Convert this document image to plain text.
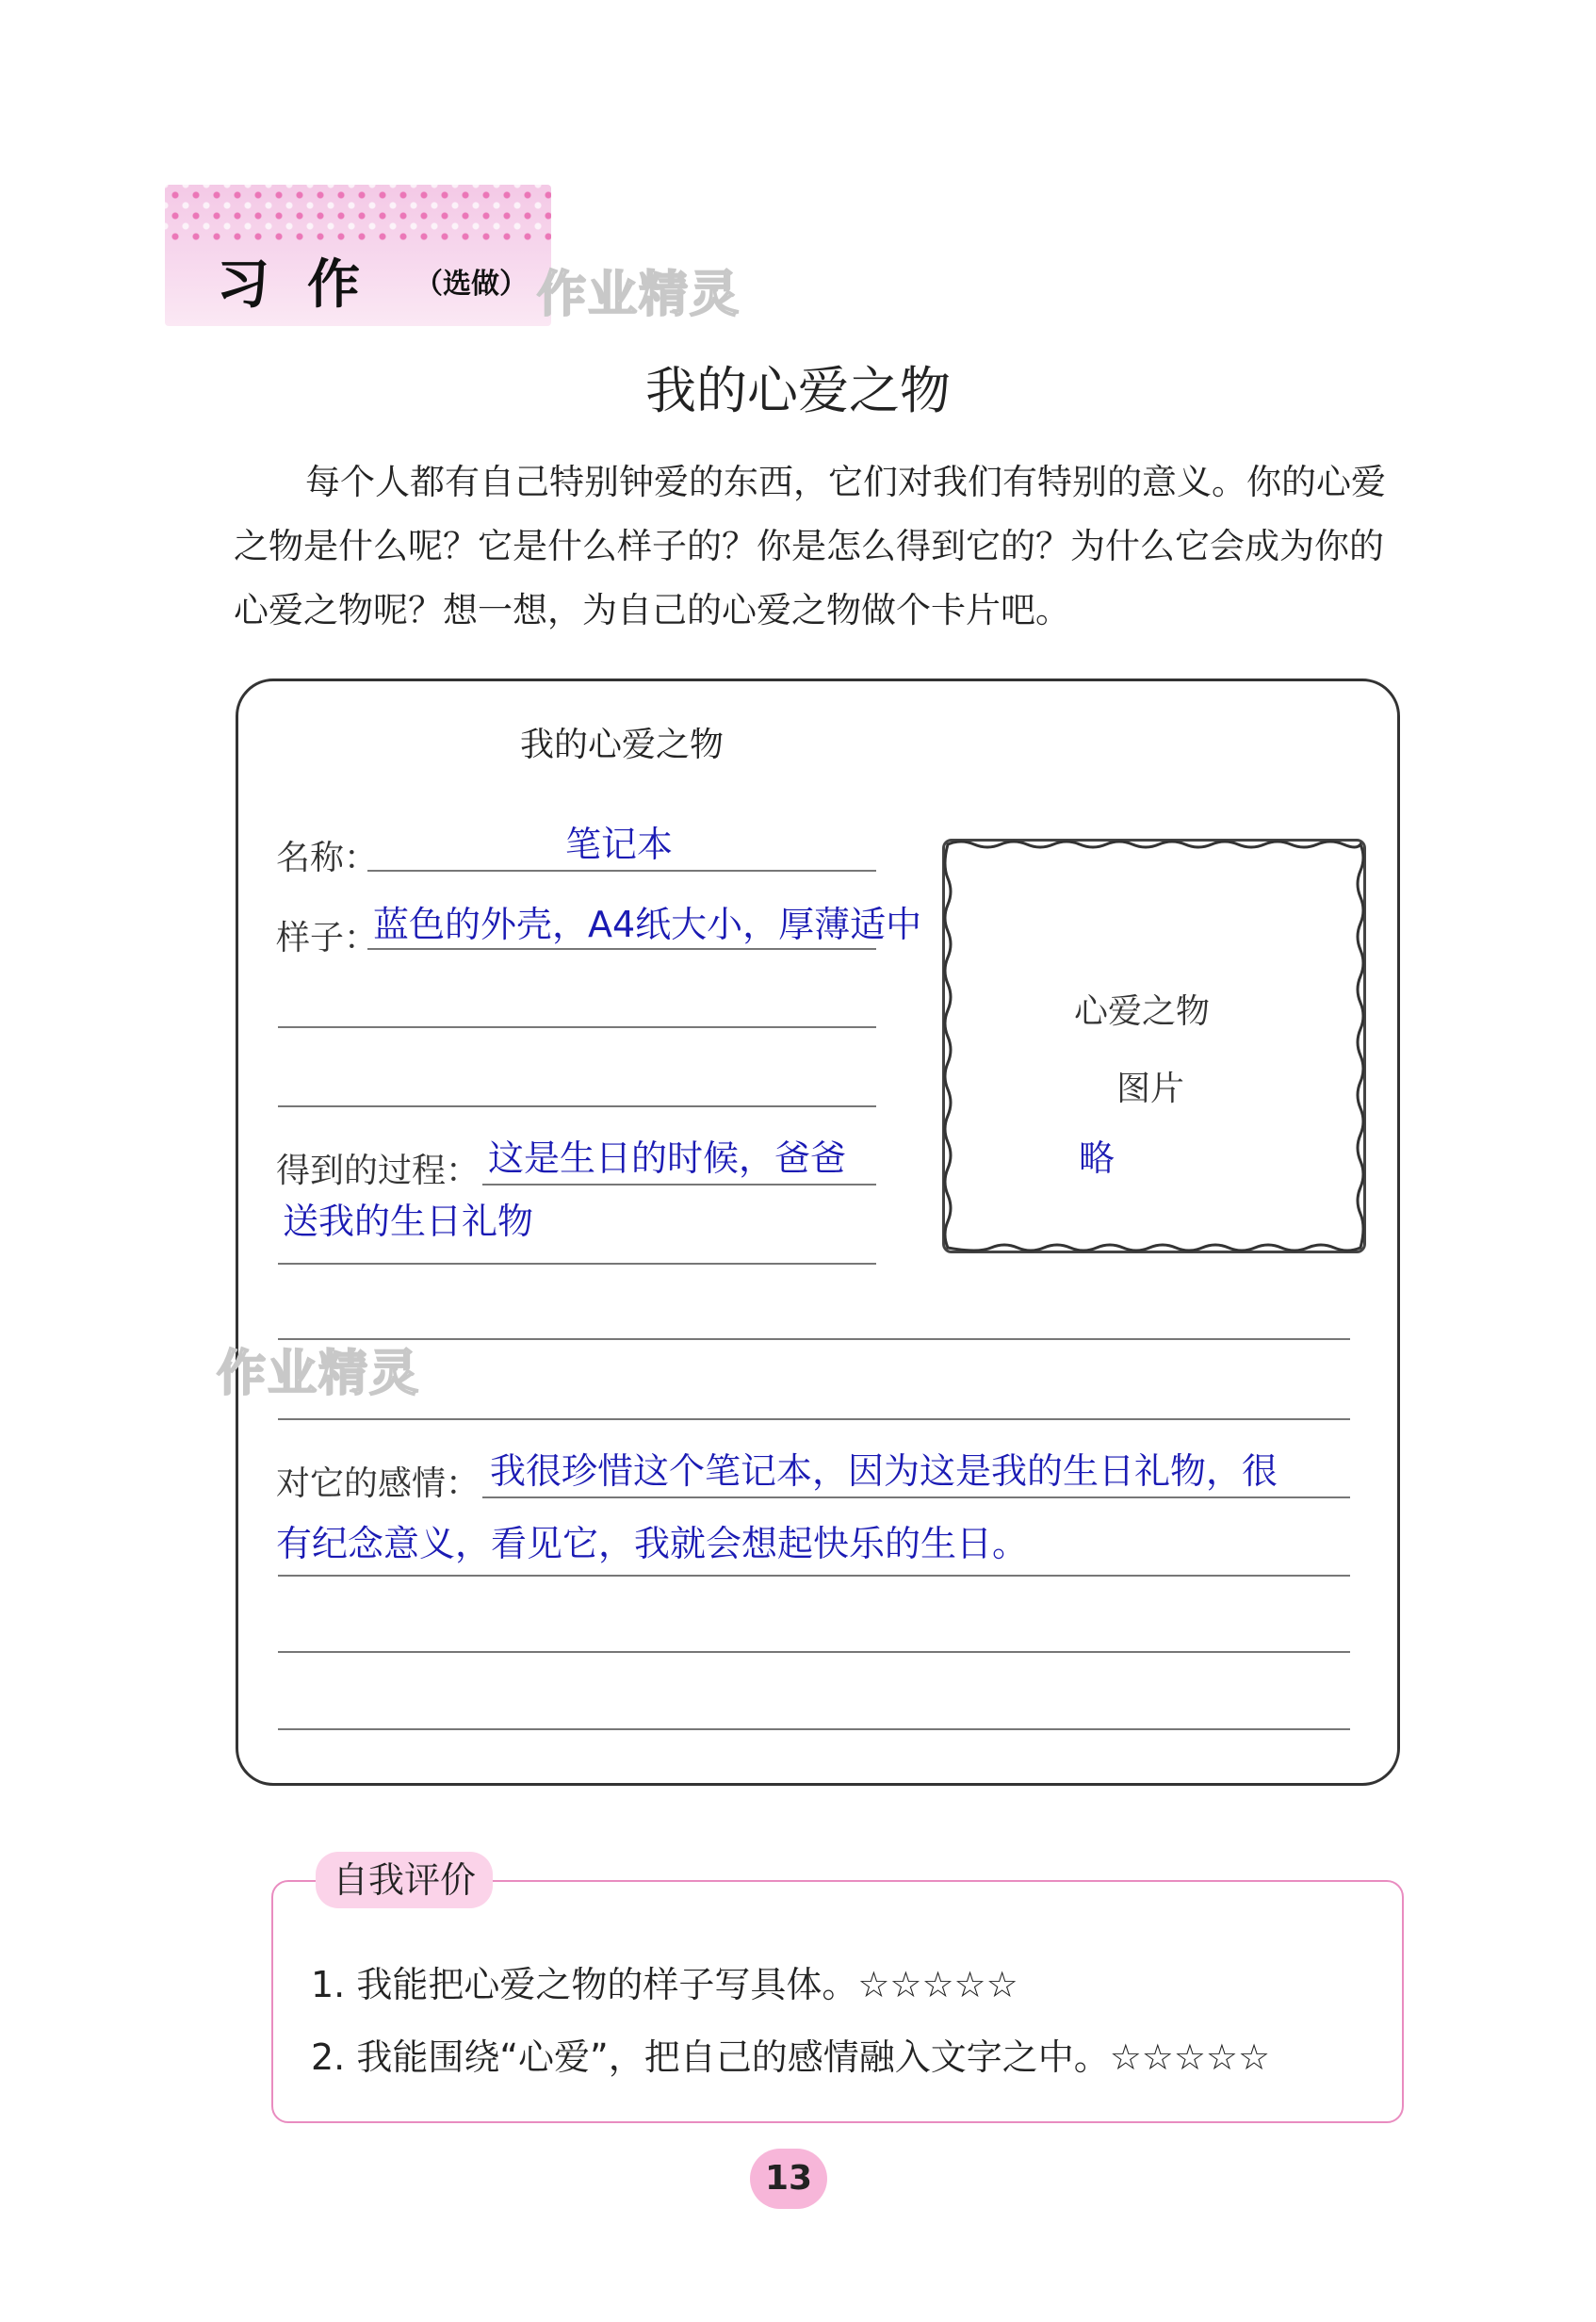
习作 （选做） 作业精灵
我的心爱之物
每个人都有自己特别钟爱的东西，它们对我们有特别的意义。你的心爱之物是什么呢？它是什么样子的？你是怎么得到它的？为什么它会成为你的心爱之物呢？想一想，为自己的心爱之物做个卡片吧。
我的心爱之物
名称：	笔记本
样子：
蓝色的外壳，A4纸大小，厚薄适中
得到的过程： 这是生日的时候，爸爸
送我的生日礼物
心爱之物
图片
略
作业精灵
对它的感情： 我很珍惜这个笔记本，因为这是我的生日礼物，很
有纪念意义，看见它，我就会想起快乐的生日。
自我评价
1. 我能把心爱之物的样子写具体。☆☆☆☆☆
2. 我能围绕“心爱”，把自己的感情融入文字之中。☆☆☆☆☆
13
